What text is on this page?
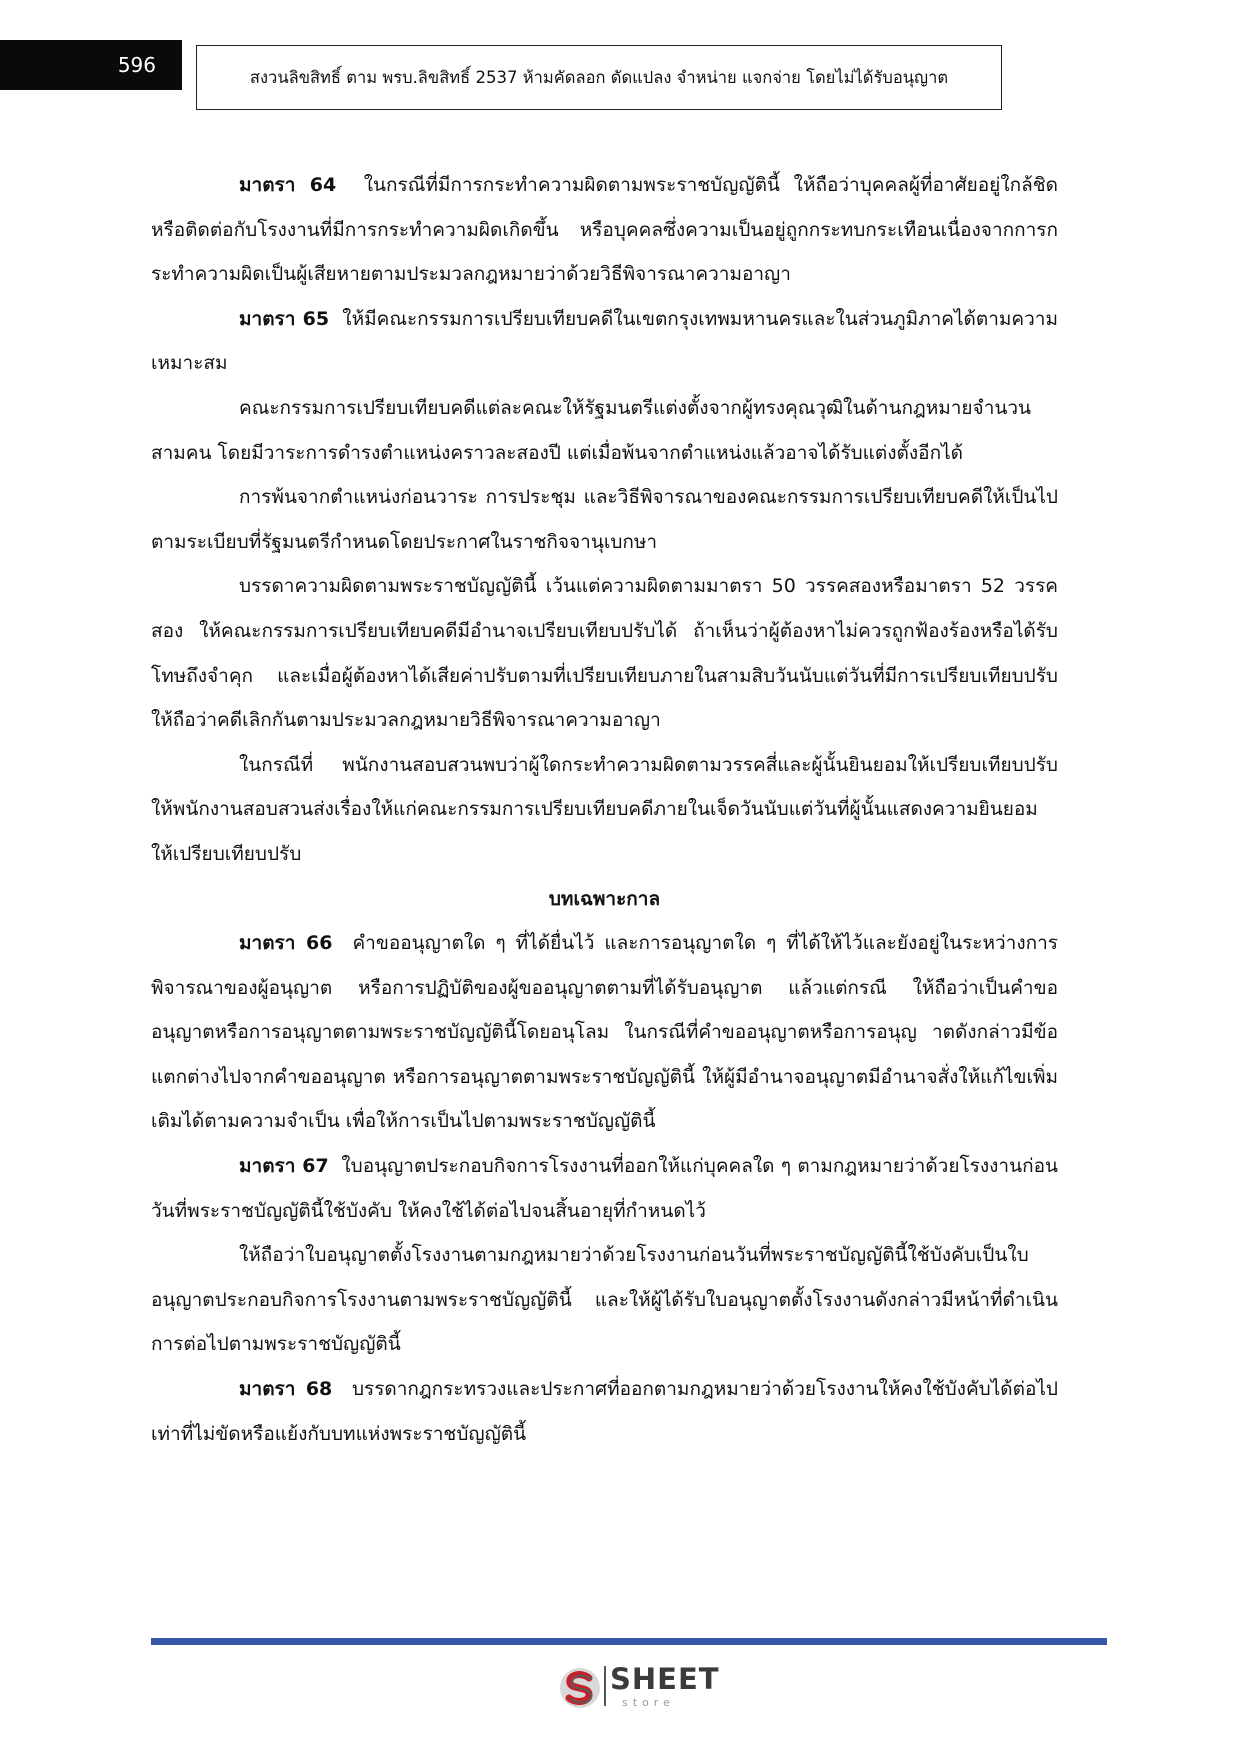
596	สงวนลิขสิทธิ์ ตาม พรบ.ลิขสิทธิ์ 2537 ห้ามคัดลอก ดัดแปลง จำหน่าย แจกจ่าย โดยไม่ได้รับอนุญาต

มาตรา 64 ในกรณีที่มีการกระทำความผิดตามพระราชบัญญัตินี้ ให้ถือว่าบุคคลผู้ที่อาศัยอยู่ใกล้ชิดหรือติดต่อกับโรงงานที่มีการกระทำความผิดเกิดขึ้น หรือบุคคลซึ่งความเป็นอยู่ถูกกระทบกระเทือนเนื่องจากการกระทำความผิดเป็นผู้เสียหายตามประมวลกฎหมายว่าด้วยวิธีพิจารณาความอาญา

มาตรา 65 ให้มีคณะกรรมการเปรียบเทียบคดีในเขตกรุงเทพมหานครและในส่วนภูมิภาคได้ตามความเหมาะสม

คณะกรรมการเปรียบเทียบคดีแต่ละคณะให้รัฐมนตรีแต่งตั้งจากผู้ทรงคุณวุฒิในด้านกฎหมายจำนวนสามคน โดยมีวาระการดำรงตำแหน่งคราวละสองปี แต่เมื่อพ้นจากตำแหน่งแล้วอาจได้รับแต่งตั้งอีกได้

การพ้นจากตำแหน่งก่อนวาระ การประชุม และวิธีพิจารณาของคณะกรรมการเปรียบเทียบคดีให้เป็นไปตามระเบียบที่รัฐมนตรีกำหนดโดยประกาศในราชกิจจานุเบกษา

บรรดาความผิดตามพระราชบัญญัตินี้ เว้นแต่ความผิดตามมาตรา 50 วรรคสองหรือมาตรา 52 วรรคสอง ให้คณะกรรมการเปรียบเทียบคดีมีอำนาจเปรียบเทียบปรับได้ ถ้าเห็นว่าผู้ต้องหาไม่ควรถูกฟ้องร้องหรือได้รับโทษถึงจำคุก และเมื่อผู้ต้องหาได้เสียค่าปรับตามที่เปรียบเทียบภายในสามสิบวันนับแต่วันที่มีการเปรียบเทียบปรับ ให้ถือว่าคดีเลิกกันตามประมวลกฎหมายวิธีพิจารณาความอาญา

ในกรณีที่ พนักงานสอบสวนพบว่าผู้ใดกระทำความผิดตามวรรคสี่และผู้นั้นยินยอมให้เปรียบเทียบปรับ ให้พนักงานสอบสวนส่งเรื่องให้แก่คณะกรรมการเปรียบเทียบคดีภายในเจ็ดวันนับแต่วันที่ผู้นั้นแสดงความยินยอมให้เปรียบเทียบปรับ

บทเฉพาะกาล

มาตรา 66 คำขออนุญาตใด ๆ ที่ได้ยื่นไว้ และการอนุญาตใด ๆ ที่ได้ให้ไว้และยังอยู่ในระหว่างการพิจารณาของผู้อนุญาต หรือการปฏิบัติของผู้ขออนุญาตตามที่ได้รับอนุญาต แล้วแต่กรณี ให้ถือว่าเป็นคำขออนุญาตหรือการอนุญาตตามพระราชบัญญัตินี้โดยอนุโลม ในกรณีที่คำขออนุญาตหรือการอนุญ าตดังกล่าวมีข้อแตกต่างไปจากคำขออนุญาต หรือการอนุญาตตามพระราชบัญญัตินี้ ให้ผู้มีอำนาจอนุญาตมีอำนาจสั่งให้แก้ไขเพิ่มเติมได้ตามความจำเป็น เพื่อให้การเป็นไปตามพระราชบัญญัตินี้

มาตรา 67 ใบอนุญาตประกอบกิจการโรงงานที่ออกให้แก่บุคคลใด ๆ ตามกฎหมายว่าด้วยโรงงานก่อนวันที่พระราชบัญญัตินี้ใช้บังคับ ให้คงใช้ได้ต่อไปจนสิ้นอายุที่กำหนดไว้

ให้ถือว่าใบอนุญาตตั้งโรงงานตามกฎหมายว่าด้วยโรงงานก่อนวันที่พระราชบัญญัตินี้ใช้บังคับเป็นใบอนุญาตประกอบกิจการโรงงานตามพระราชบัญญัตินี้ และให้ผู้ได้รับใบอนุญาตตั้งโรงงานดังกล่าวมีหน้าที่ดำเนินการต่อไปตามพระราชบัญญัตินี้

มาตรา 68 บรรดากฎกระทรวงและประกาศที่ออกตามกฎหมายว่าด้วยโรงงานให้คงใช้บังคับได้ต่อไปเท่าที่ไม่ขัดหรือแย้งกับบทแห่งพระราชบัญญัตินี้

SHEET
store
